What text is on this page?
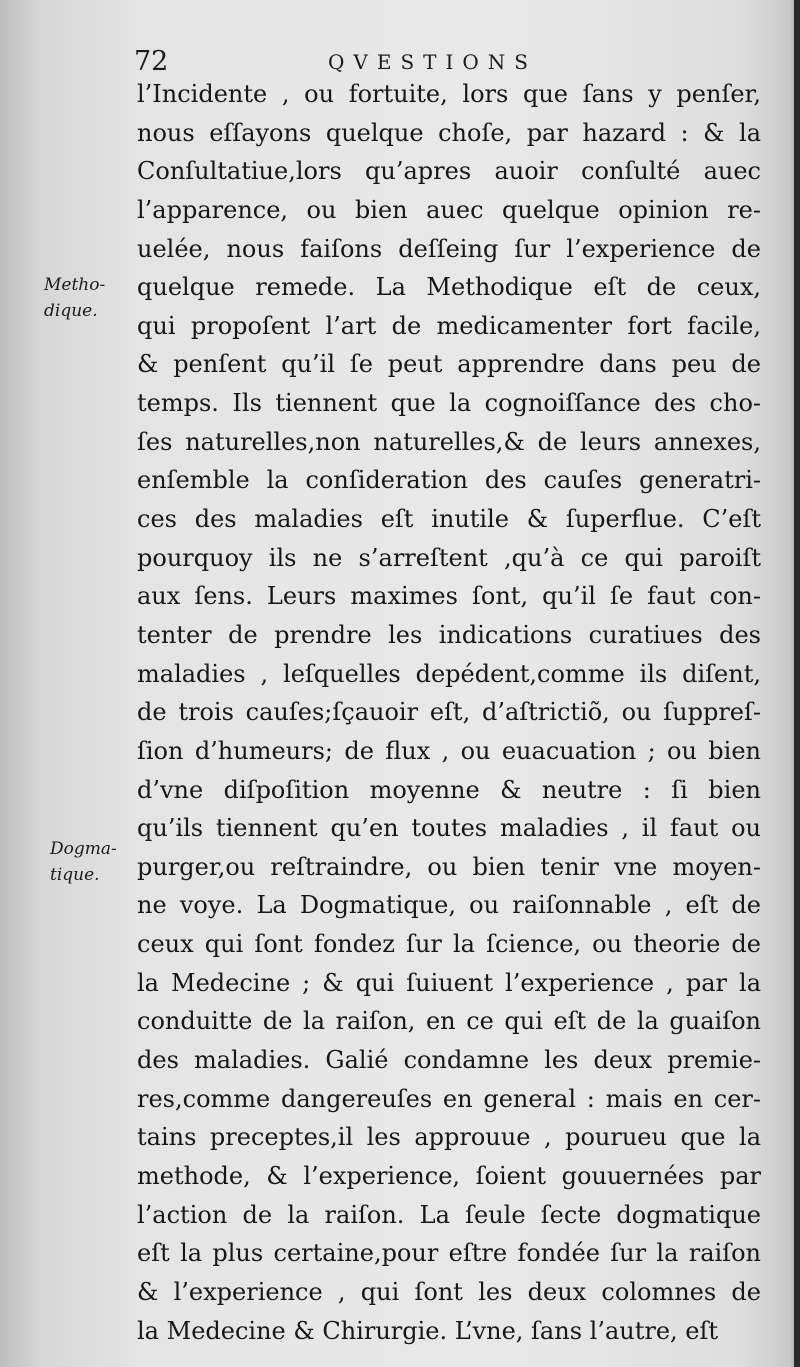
72	QVESTIONS
Metho-
dique.
Dogma-
tique.
l’Incidente , ou fortuite, lors que ſans y penſer,
nous eſſayons quelque choſe, par hazard : & la
Conſultatiue,lors qu’apres auoir conſulté auec
l’apparence, ou bien auec quelque opinion re-
uelée, nous faiſons deſſeing ſur l’experience de
quelque remede. La Methodique eſt de ceux,
qui propoſent l’art de medicamenter fort facile,
& penſent qu’il ſe peut apprendre dans peu de
temps. Ils tiennent que la cognoiſſance des cho-
ſes naturelles,non naturelles,& de leurs annexes,
enſemble la conſideration des cauſes generatri-
ces des maladies eſt inutile & ſuperflue. C’eſt
pourquoy ils ne s’arreſtent ,qu’à ce qui paroiſt
aux ſens. Leurs maximes ſont, qu’il ſe faut con-
tenter de prendre les indications curatiues des
maladies , leſquelles depédent,comme ils diſent,
de trois cauſes;ſçauoir eſt, d’aſtrictiõ, ou ſuppreſ-
ſion d’humeurs; de flux , ou euacuation ; ou bien
d’vne diſpoſition moyenne & neutre : ſi bien
qu’ils tiennent qu’en toutes maladies , il faut ou
purger,ou reſtraindre, ou bien tenir vne moyen-
ne voye. La Dogmatique, ou raiſonnable , eſt de
ceux qui ſont fondez ſur la ſcience, ou theorie de
la Medecine ; & qui ſuiuent l’experience , par la
conduitte de la raiſon, en ce qui eſt de la guaiſon
des maladies. Galié condamne les deux premie-
res,comme dangereuſes en general : mais en cer-
tains preceptes,il les approuue , pourueu que la
methode, & l’experience, ſoient gouuernées par
l’action de la raiſon. La ſeule ſecte dogmatique
eſt la plus certaine,pour eſtre fondée ſur la raiſon
& l’experience , qui ſont les deux colomnes de
la Medecine & Chirurgie. L’vne, ſans l’autre, eſt
